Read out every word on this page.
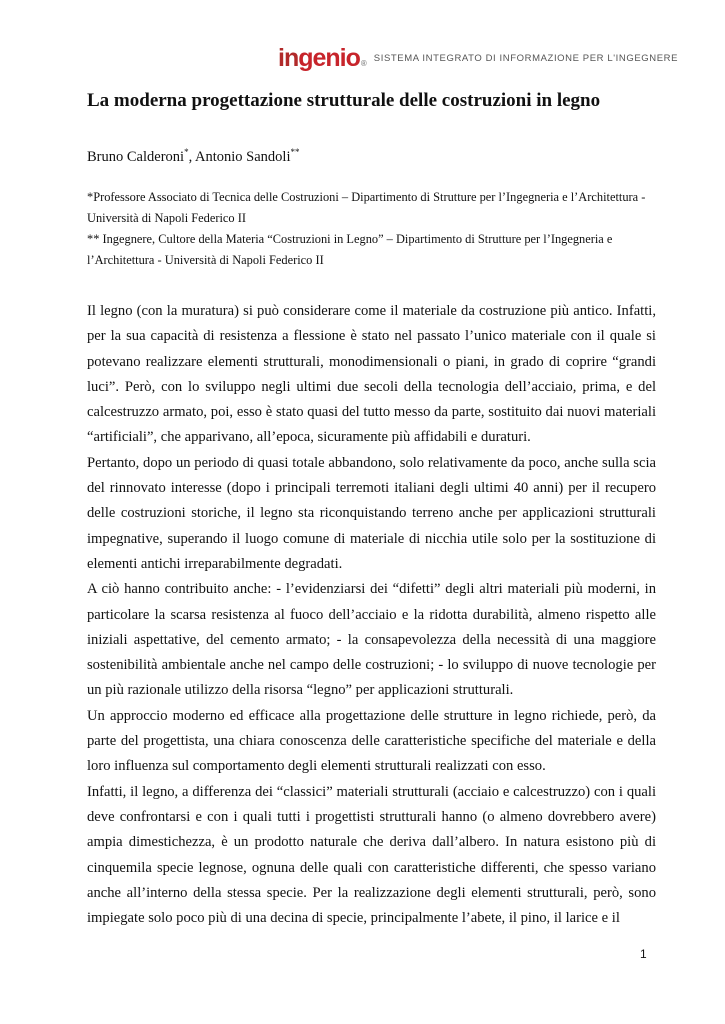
in genio$_®$ SISTEMA INTEGRATO DI INFORMAZIONE PER L'INGEGNERE
La moderna progettazione strutturale delle costruzioni in legno
Bruno Calderoni*, Antonio Sandoli**

*Professore Associato di Tecnica delle Costruzioni – Dipartimento di Strutture per l’Ingegneria e l’Architettura - Università di Napoli Federico II

** Ingegnere, Cultore della Materia “Costruzioni in Legno” – Dipartimento di Strutture per l’Ingegneria e l’Architettura - Università di Napoli Federico II

Il legno (con la muratura) si può considerare come il materiale da costruzione più antico. Infatti, per la sua capacità di resistenza a flessione è stato nel passato l’unico materiale con il quale si potevano realizzare elementi strutturali, monodimensionali o piani, in grado di coprire “grandi luci”. Però, con lo sviluppo negli ultimi due secoli della tecnologia dell’acciaio, prima, e del calcestruzzo armato, poi, esso è stato quasi del tutto messo da parte, sostituito dai nuovi materiali “artificiali”, che apparivano, all’epoca, sicuramente più affidabili e duraturi.

Pertanto, dopo un periodo di quasi totale abbandono, solo relativamente da poco, anche sulla scia del rinnovato interesse (dopo i principali terremoti italiani degli ultimi 40 anni) per il recupero delle costruzioni storiche, il legno sta riconquistando terreno anche per applicazioni strutturali impegnative, superando il luogo comune di materiale di nicchia utile solo per la sostituzione di elementi antichi irreparabilmente degradati.

A ciò hanno contribuito anche: - l’evidenziarsi dei “difetti” degli altri materiali più moderni, in particolare la scarsa resistenza al fuoco dell’acciaio e la ridotta durabilità, almeno rispetto alle iniziali aspettative, del cemento armato; - la consapevolezza della necessità di una maggiore sostenibilità ambientale anche nel campo delle costruzioni; - lo sviluppo di nuove tecnologie per un più razionale utilizzo della risorsa “legno” per applicazioni strutturali.

Un approccio moderno ed efficace alla progettazione delle strutture in legno richiede, però, da parte del progettista, una chiara conoscenza delle caratteristiche specifiche del materiale e della loro influenza sul comportamento degli elementi strutturali realizzati con esso.

Infatti, il legno, a differenza dei “classici” materiali strutturali (acciaio e calcestruzzo) con i quali deve confrontarsi e con i quali tutti i progettisti strutturali hanno (o almeno dovrebbero avere) ampia dimestichezza, è un prodotto naturale che deriva dall’albero. In natura esistono più di cinquemila specie legnose, ognuna delle quali con caratteristiche differenti, che spesso variano anche all’interno della stessa specie. Per la realizzazione degli elementi strutturali, però, sono impiegate solo poco più di una decina di specie, principalmente l’abete, il pino, il larice e il

1
